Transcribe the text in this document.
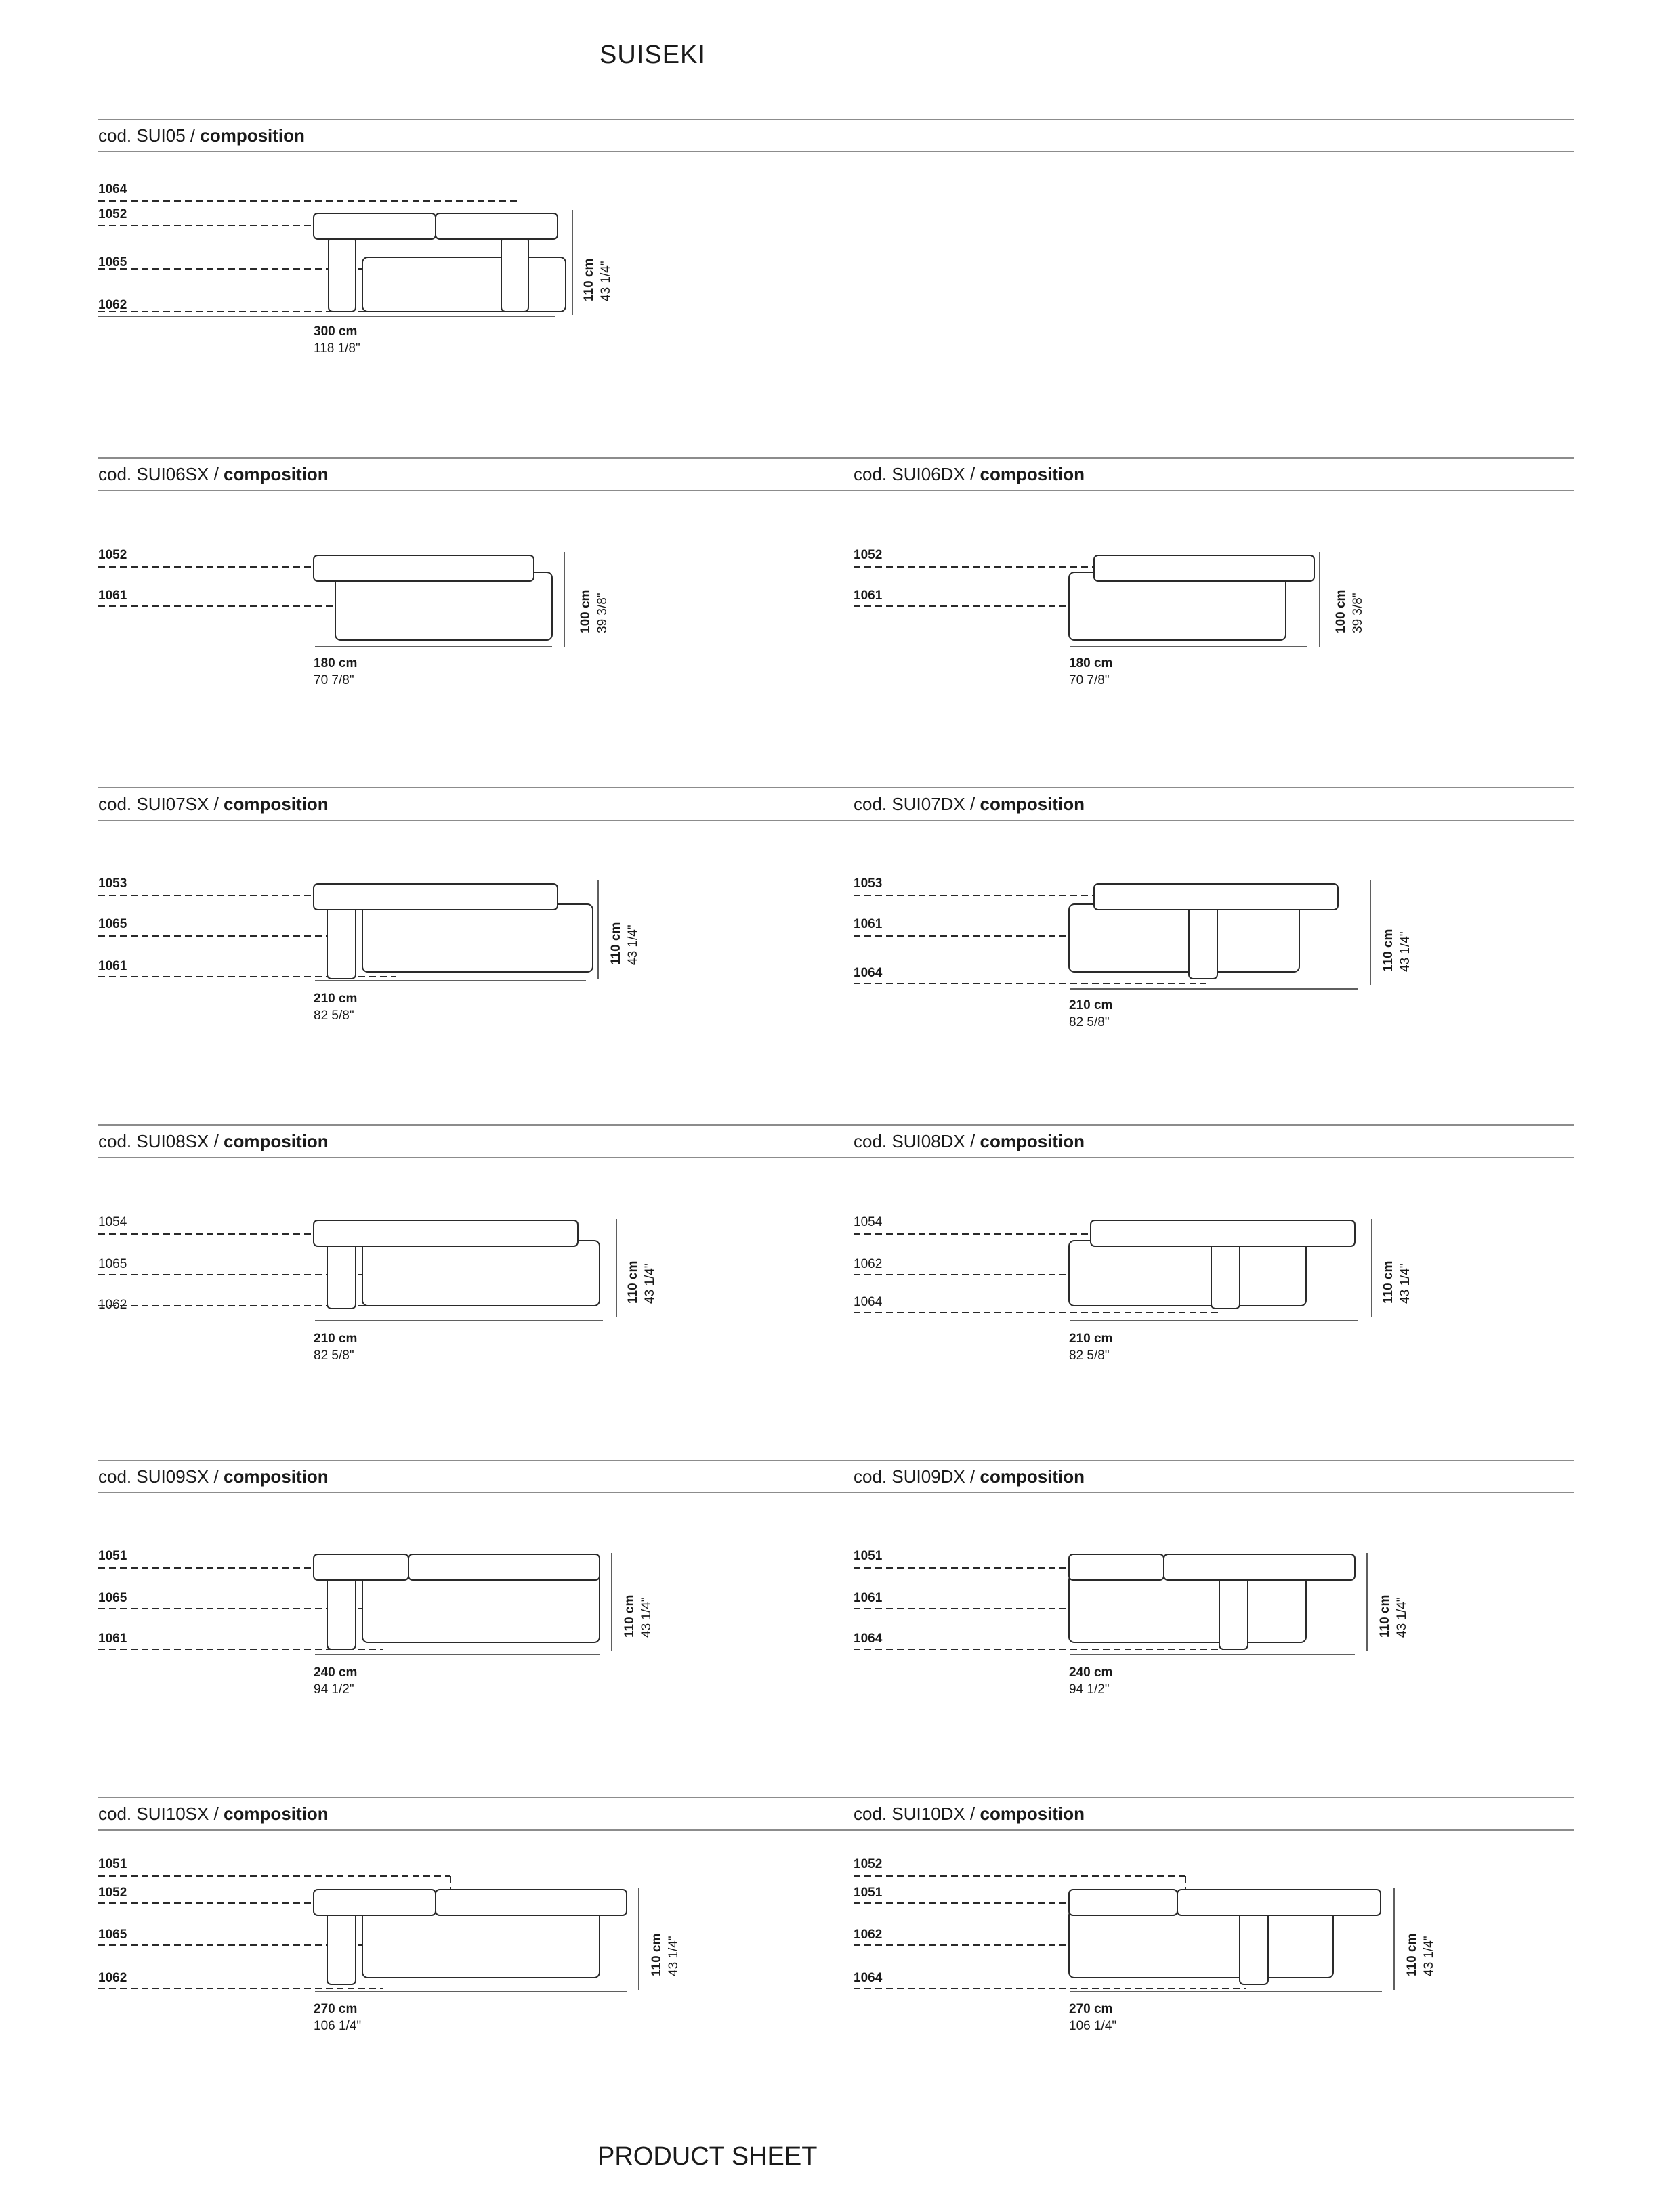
SUISEKI
cod. SUI05 / composition
1064
1052
1065
1062
300 cm
118 1/8"
110 cm 43 1/4"
cod. SUI06SX / composition	cod. SUI06DX / composition
1052
1061
180 cm
70 7/8"
100 cm 39 3/8"
1052
1061
180 cm
70 7/8"
100 cm 39 3/8"
cod. SUI07SX / composition	cod. SUI07DX / composition
1053
1065
1061
210 cm
82 5/8"
110 cm 43 1/4"
1053
1061
1064
210 cm
82 5/8"
110 cm 43 1/4"
cod. SUI08SX / composition	cod. SUI08DX / composition
1054
1065
1062
210 cm
82 5/8"
110 cm 43 1/4"
1054
1062
1064
210 cm
82 5/8"
110 cm 43 1/4"
cod. SUI09SX / composition	cod. SUI09DX / composition
1051
1065
1061
240 cm
94 1/2"
110 cm 43 1/4"
1051
1061
1064
240 cm
94 1/2"
110 cm 43 1/4"
cod. SUI10SX / composition	cod. SUI10DX / composition
1051
1052
1065
1062
270 cm
106 1/4"
110 cm 43 1/4"
1052
1051
1062
1064
270 cm
106 1/4"
110 cm 43 1/4"
PRODUCT SHEET
